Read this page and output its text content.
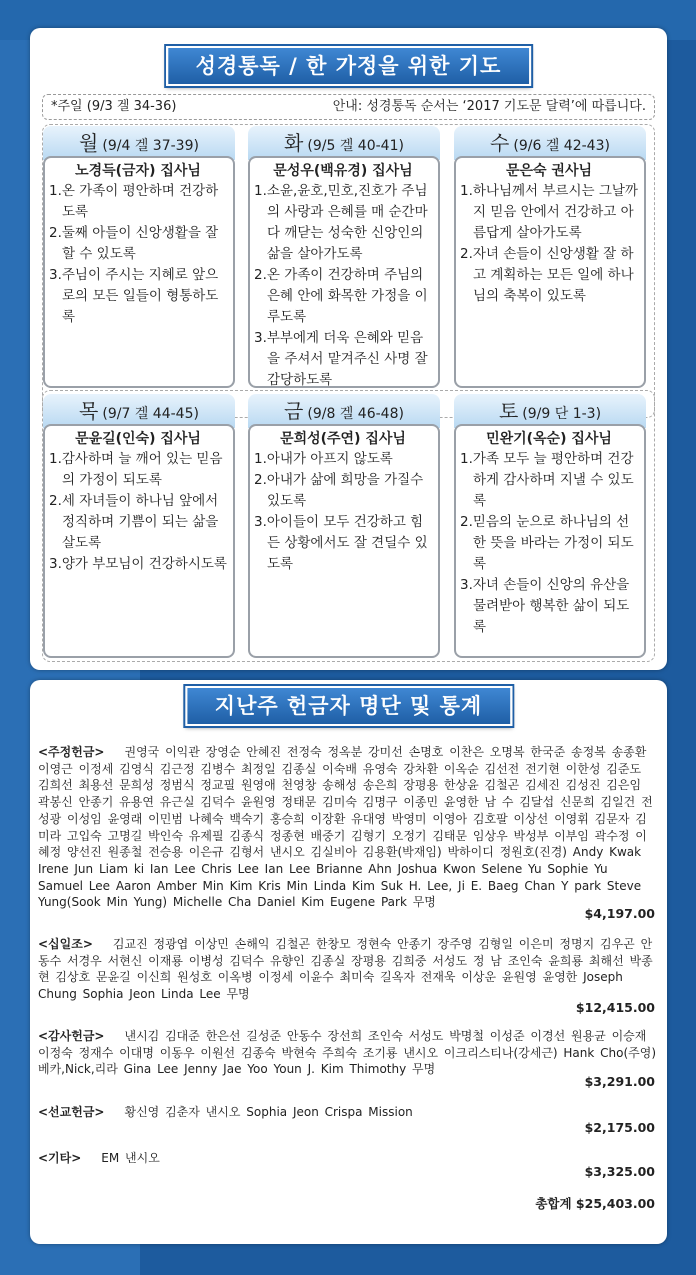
성경통독 / 한 가정을 위한 기도
*주일 (9/3 겔 34-36)	안내: 성경통독 순서는 ‘2017 기도문 달력’에 따릅니다.
월 (9/4 겔 37-39)
노경득(금자) 집사님
1.온 가족이 평안하며 건강하도록
2.둘째 아들이 신앙생활을 잘 할 수 있도록
3.주님이 주시는 지혜로 앞으로의 모든 일들이 형통하도록
화 (9/5 겔 40-41)
문성우(백유경) 집사님
1.소윤,윤호,민호,진호가 주님의 사랑과 은혜를 매 순간마다 깨닫는 성숙한 신앙인의 삶을 살아가도록
2.온 가족이 건강하며 주님의 은혜 안에 화목한 가정을 이루도록
3.부부에게 더욱 은혜와 믿음을 주셔서 맡겨주신 사명 잘 감당하도록
수 (9/6 겔 42-43)
문은숙 권사님
1.하나님께서 부르시는 그날까지 믿음 안에서 건강하고 아름답게 살아가도록
2.자녀 손들이 신앙생활 잘 하고 계획하는 모든 일에 하나님의 축복이 있도록
목 (9/7 겔 44-45)
문윤길(인숙) 집사님
1.감사하며 늘 깨어 있는 믿음의 가정이 되도록
2.세 자녀들이 하나님 앞에서 정직하며 기쁨이 되는 삶을 살도록
3.양가 부모님이 건강하시도록
금 (9/8 겔 46-48)
문희성(주연) 집사님
1.아내가 아프지 않도록
2.아내가 삶에 희망을 가질수 있도록
3.아이들이 모두 건강하고 힘든 상황에서도 잘 견딜수 있도록
토 (9/9 단 1-3)
민완기(옥순) 집사님
1.가족 모두 늘 평안하며 건강하게 감사하며 지낼 수 있도록
2.믿음의 눈으로 하나님의 선한 뜻을 바라는 가정이 되도록
3.자녀 손들이 신앙의 유산을 물려받아 행복한 삶이 되도록
지난주 헌금자 명단 및 통계
<주정헌금> 권영국 이익관 장영순 안혜진 전정숙 정옥분 강미선 손명호 이찬은 오명복 한국준 송정복 송종환 이영근 이정세 김영식 김근정 김병수 최정일 김종실 이숙배 유영숙 강차환 이옥순 김선전 전기현 이한성 김준도 김희선 최용선 문희성 정범식 정교필 원영애 천영창 송해성 송은희 장평용 한상윤 김철곤 김세진 김성진 김은임 곽봉신 안종기 유용연 유근실 김덕수 윤원영 정태문 김미숙 김명구 이종민 윤영한 남 수 김달섭 신문희 김일건 전성광 이성임 윤영래 이민범 나혜숙 백숙기 홍승희 이장환 유대영 박영미 이영아 김호팔 이상선 이영휘 김문자 김미라 고입숙 고명길 박인숙 유제필 김종식 정종현 배중기 김형기 오정기 김태문 임상우 박성부 이부임 곽수정 이혜정 양선진 원종철 전승용 이은규 김형서 낸시오 김실비아 김용환(박재임) 박하이디 정원호(진경) Andy Kwak Irene Jun Liam ki Ian Lee Chris Lee Ian Lee Brianne Ahn Joshua Kwon Selene Yu Sophie Yu Samuel Lee Aaron Amber Min Kim Kris Min Linda Kim Suk H. Lee, Ji E. Baeg Chan Y park Steve Yung(Sook Min Yung) Michelle Cha Daniel Kim Eugene Park 무명
$4,197.00
<십일조> 김교진 정광엽 이상민 손해익 김철곤 한창모 정현숙 안종기 장주영 김형일 이은미 정명지 김우곤 안동수 서경우 서현신 이재룡 이병성 김덕수 유향인 김종실 장평용 김희중 서성도 정 남 조인숙 윤희룡 최해선 박종현 김상호 문윤길 이신희 원성호 이옥병 이정세 이윤수 최미숙 길옥자 전재욱 이상운 윤원영 윤영한 Joseph Chung Sophia Jeon Linda Lee 무명
$12,415.00
<감사헌금> 낸시김 김대준 한은선 길성준 안동수 장선희 조인숙 서성도 박명철 이성준 이경선 원용균 이승재 이정숙 정재수 이대명 이동우 이원선 김종숙 박현숙 주희숙 조기룡 낸시오 이크리스티나(강세근) Hank Cho(주영) 베카,Nick,리라 Gina Lee Jenny Jae Yoo Youn J. Kim Thimothy 무명
$3,291.00
<선교헌금> 황신영 김춘자 낸시오 Sophia Jeon Crispa Mission
$2,175.00
<기타> EM 낸시오
$3,325.00
총합계 $25,403.00
